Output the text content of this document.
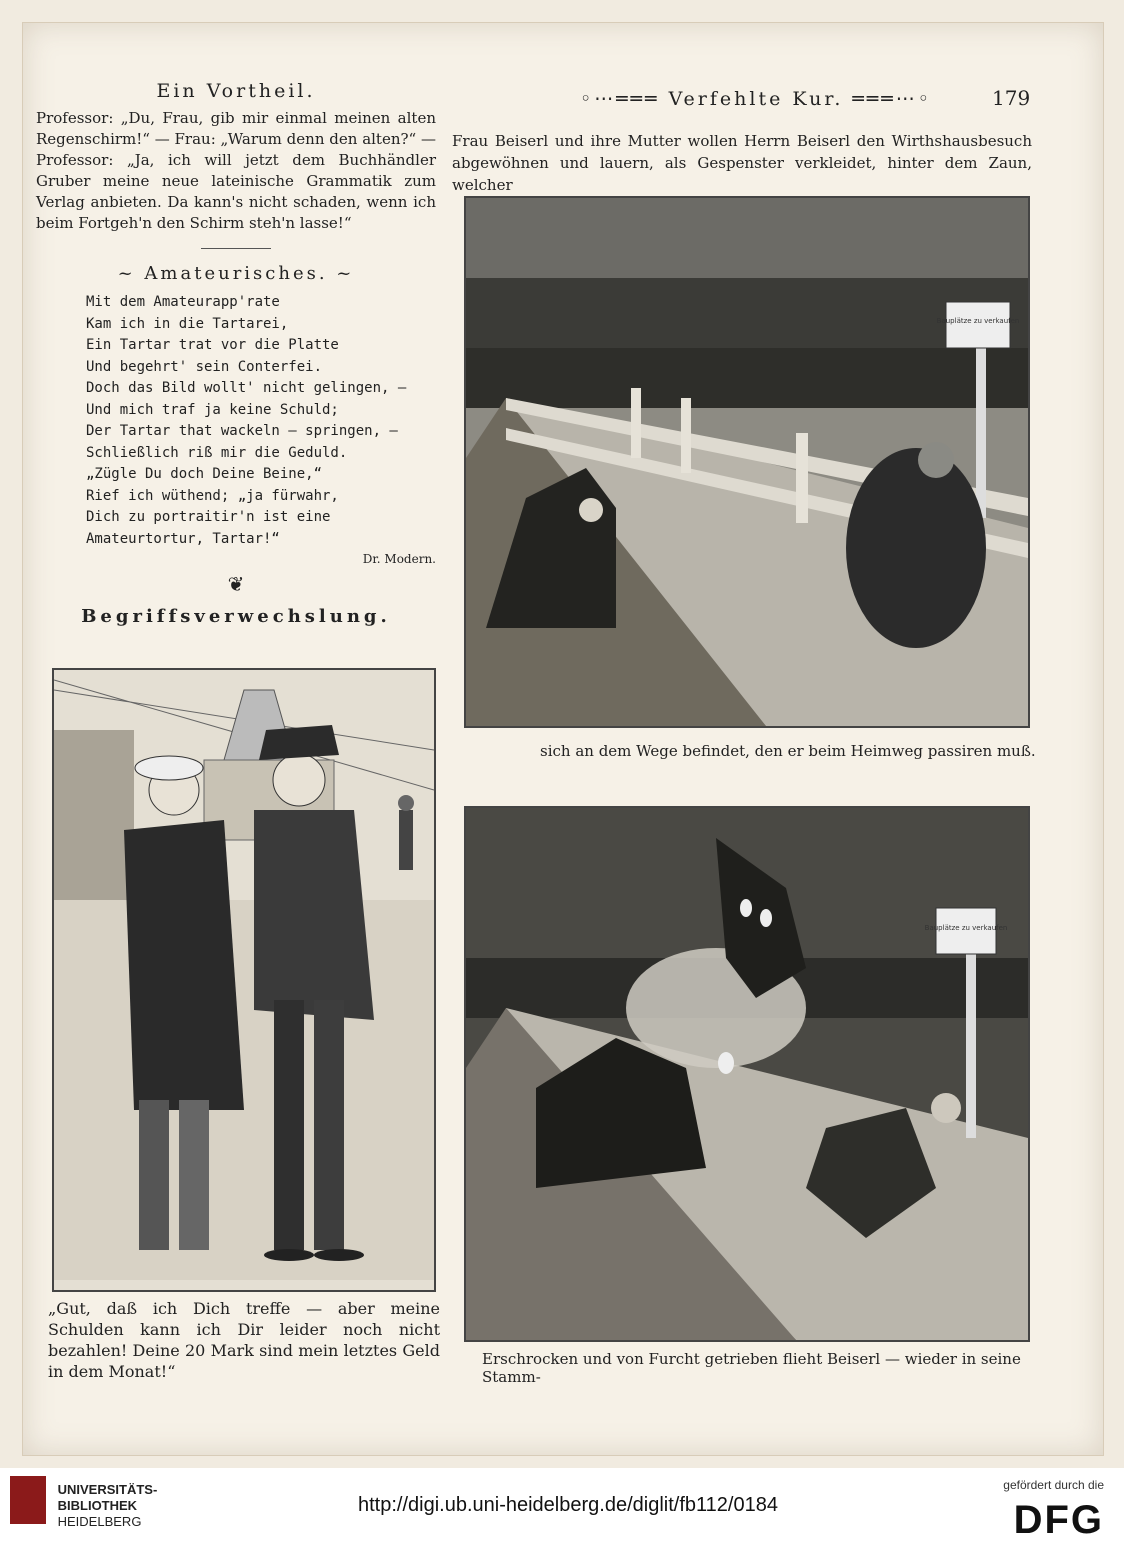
Ein Vortheil.

Professor: „Du, Frau, gib mir einmal meinen alten Regenschirm!“ — Frau: „Warum denn den alten?“ — Professor: „Ja, ich will jetzt dem Buchhändler Gruber meine neue lateinische Grammatik zum Verlag anbieten. Da kann's nicht schaden, wenn ich beim Fortgeh'n den Schirm steh'n lasse!“

~ Amateurisches. ~
Mit dem Amateurapp'rate
Kam ich in die Tartarei,
Ein Tartar trat vor die Platte
Und begehrt' sein Conterfei.
Doch das Bild wollt' nicht gelingen, —
Und mich traf ja keine Schuld;
Der Tartar that wackeln — springen, —
Schließlich riß mir die Geduld.
„Zügle Du doch Deine Beine,“
Rief ich wüthend; „ja fürwahr,
Dich zu portraitir'n ist eine
Amateurtortur, Tartar!“
Dr. Modern.
❦
Begriffsverwechslung.
„Gut, daß ich Dich treffe — aber meine Schulden kann ich Dir leider noch nicht bezahlen! Deine 20 Mark sind mein letztes Geld in dem Monat!“
◦⋯═══ Verfehlte Kur. ═══⋯◦	179
Frau Beiserl und ihre Mutter wollen Herrn Beiserl den Wirthshausbesuch abgewöhnen und lauern, als Gespenster verkleidet, hinter dem Zaun, welcher
Bauplätze zu verkaufen
sich an dem Wege befindet, den er beim Heimweg passiren muß.
Bauplätze zu verkaufen
Erschrocken und von Furcht getrieben flieht Beiserl — wieder in seine Stamm-
UNIVERSITÄTS-
BIBLIOTHEK
HEIDELBERG
http://digi.ub.uni-heidelberg.de/diglit/fb112/0184
gefördert durch die
DFG
